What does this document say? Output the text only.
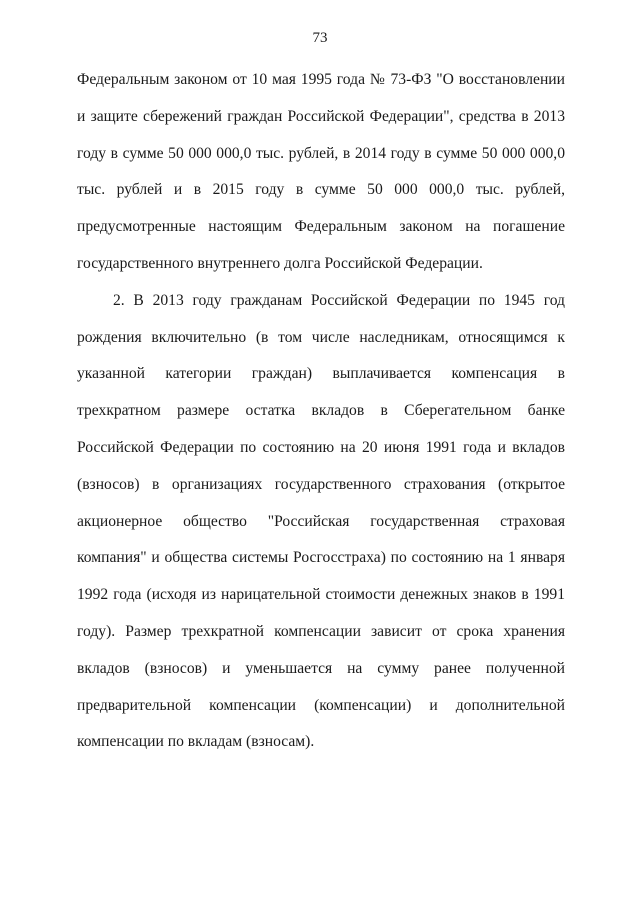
73

Федеральным законом от 10 мая 1995 года № 73-ФЗ "О восстановлении и защите сбережений граждан Российской Федерации", средства в 2013 году в сумме 50 000 000,0 тыс. рублей, в 2014 году в сумме 50 000 000,0 тыс. рублей и в 2015 году в сумме 50 000 000,0 тыс. рублей, предусмотренные настоящим Федеральным законом на погашение государственного внутреннего долга Российской Федерации.

2. В 2013 году гражданам Российской Федерации по 1945 год рождения включительно (в том числе наследникам, относящимся к указанной категории граждан) выплачивается компенсация в трехкратном размере остатка вкладов в Сберегательном банке Российской Федерации по состоянию на 20 июня 1991 года и вкладов (взносов) в организациях государственного страхования (открытое акционерное общество "Российская государственная страховая компания" и общества системы Росгосстраха) по состоянию на 1 января 1992 года (исходя из нарицательной стоимости денежных знаков в 1991 году). Размер трехкратной компенсации зависит от срока хранения вкладов (взносов) и уменьшается на сумму ранее полученной предварительной компенсации (компенсации) и дополнительной компенсации по вкладам (взносам).
